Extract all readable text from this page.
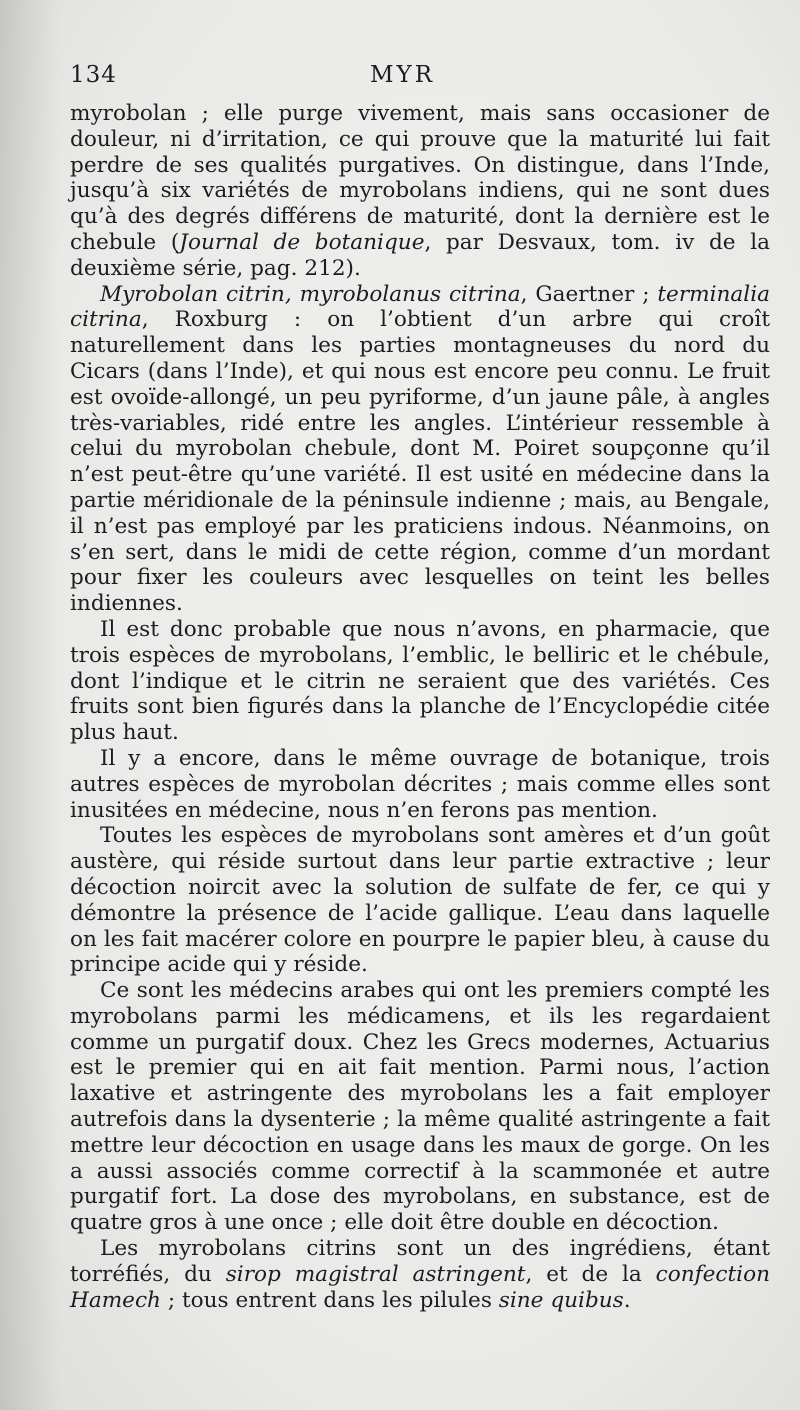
134	MYR

myrobolan ; elle purge vivement, mais sans occasioner de douleur, ni d’irritation, ce qui prouve que la maturité lui fait perdre de ses qualités purgatives. On distingue, dans l’Inde, jusqu’à six variétés de myrobolans indiens, qui ne sont dues qu’à des degrés différens de maturité, dont la dernière est le chebule (Journal de botanique, par Desvaux, tom. iv de la deuxième série, pag. 212).

Myrobolan citrin, myrobolanus citrina, Gaertner ; terminalia citrina, Roxburg : on l’obtient d’un arbre qui croît naturellement dans les parties montagneuses du nord du Cicars (dans l’Inde), et qui nous est encore peu connu. Le fruit est ovoïde-allongé, un peu pyriforme, d’un jaune pâle, à angles très-variables, ridé entre les angles. L’intérieur ressemble à celui du myrobolan chebule, dont M. Poiret soupçonne qu’il n’est peut-être qu’une variété. Il est usité en médecine dans la partie méridionale de la péninsule indienne ; mais, au Bengale, il n’est pas employé par les praticiens indous. Néanmoins, on s’en sert, dans le midi de cette région, comme d’un mordant pour fixer les couleurs avec lesquelles on teint les belles indiennes.

Il est donc probable que nous n’avons, en pharmacie, que trois espèces de myrobolans, l’emblic, le belliric et le chébule, dont l’indique et le citrin ne seraient que des variétés. Ces fruits sont bien figurés dans la planche de l’Encyclopédie citée plus haut.

Il y a encore, dans le même ouvrage de botanique, trois autres espèces de myrobolan décrites ; mais comme elles sont inusitées en médecine, nous n’en ferons pas mention.

Toutes les espèces de myrobolans sont amères et d’un goût austère, qui réside surtout dans leur partie extractive ; leur décoction noircit avec la solution de sulfate de fer, ce qui y démontre la présence de l’acide gallique. L’eau dans laquelle on les fait macérer colore en pourpre le papier bleu, à cause du principe acide qui y réside.

Ce sont les médecins arabes qui ont les premiers compté les myrobolans parmi les médicamens, et ils les regardaient comme un purgatif doux. Chez les Grecs modernes, Actuarius est le premier qui en ait fait mention. Parmi nous, l’action laxative et astringente des myrobolans les a fait employer autrefois dans la dysenterie ; la même qualité astringente a fait mettre leur décoction en usage dans les maux de gorge. On les a aussi associés comme correctif à la scammonée et autre purgatif fort. La dose des myrobolans, en substance, est de quatre gros à une once ; elle doit être double en décoction.

Les myrobolans citrins sont un des ingrédiens, étant torréfiés, du sirop magistral astringent, et de la confection Hamech ; tous entrent dans les pilules sine quibus.
